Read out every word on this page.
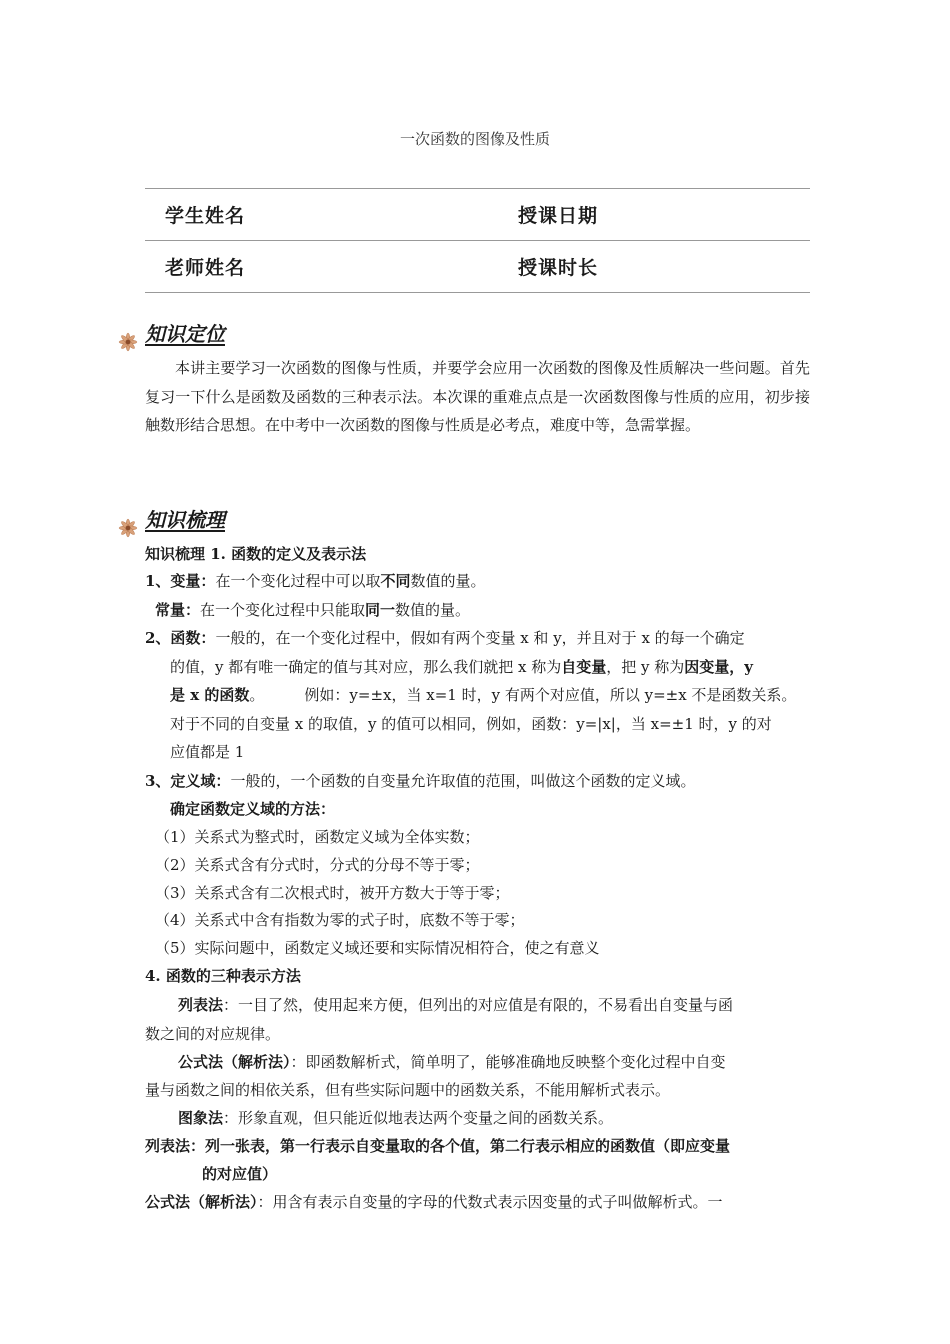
一次函数的图像及性质
学生姓名	授课日期
老师姓名	授课时长
知识定位
本讲主要学习一次函数的图像与性质，并要学会应用一次函数的图像及性质解决一些问题。首先复习一下什么是函数及函数的三种表示法。本次课的重难点点是一次函数图像与性质的应用，初步接触数形结合思想。在中考中一次函数的图像与性质是必考点，难度中等，急需掌握。
知识梳理
知识梳理 1. 函数的定义及表示法
1、变量：在一个变化过程中可以取不同数值的量。
常量：在一个变化过程中只能取同一数值的量。
2、函数：一般的，在一个变化过程中，假如有两个变量 x 和 y，并且对于 x 的每一个确定
的值，y 都有唯一确定的值与其对应，那么我们就把 x 称为自变量，把 y 称为因变量，y
是 x 的函数。	例如：y=±x，当 x=1 时，y 有两个对应值，所以 y=±x 不是函数关系。
对于不同的自变量 x 的取值，y 的值可以相同，例如，函数：y=|x|，当 x=±1 时，y 的对
应值都是 1
3、定义域：一般的，一个函数的自变量允许取值的范围，叫做这个函数的定义域。
确定函数定义域的方法：
（1）关系式为整式时，函数定义域为全体实数；
（2）关系式含有分式时，分式的分母不等于零；
（3）关系式含有二次根式时，被开方数大于等于零；
（4）关系式中含有指数为零的式子时，底数不等于零；
（5）实际问题中，函数定义域还要和实际情况相符合，使之有意义
4. 函数的三种表示方法
列表法：一目了然，使用起来方便，但列出的对应值是有限的，不易看出自变量与函
数之间的对应规律。
公式法（解析法）：即函数解析式，简单明了，能够准确地反映整个变化过程中自变
量与函数之间的相依关系，但有些实际问题中的函数关系，不能用解析式表示。
图象法：形象直观，但只能近似地表达两个变量之间的函数关系。
列表法：列一张表，第一行表示自变量取的各个值，第二行表示相应的函数值（即应变量
的对应值）
公式法（解析法）：用含有表示自变量的字母的代数式表示因变量的式子叫做解析式。一
